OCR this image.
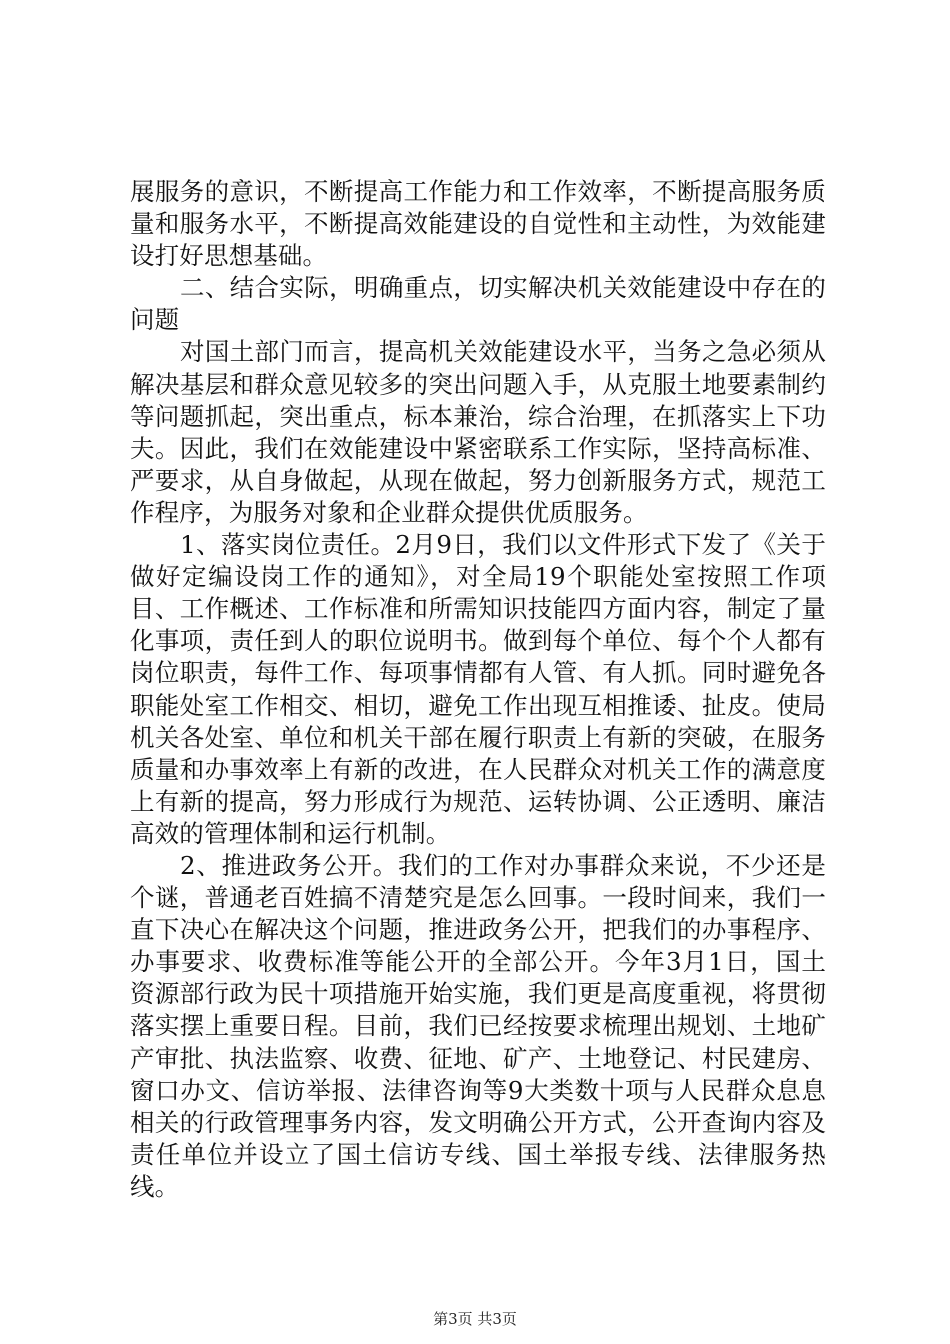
展服务的意识，不断提高工作能力和工作效率，不断提高服务质量和服务水平，不断提高效能建设的自觉性和主动性，为效能建设打好思想基础。

二、结合实际，明确重点，切实解决机关效能建设中存在的问题

对国土部门而言，提高机关效能建设水平，当务之急必须从解决基层和群众意见较多的突出问题入手，从克服土地要素制约等问题抓起，突出重点，标本兼治，综合治理，在抓落实上下功夫。因此，我们在效能建设中紧密联系工作实际，坚持高标准、严要求，从自身做起，从现在做起，努力创新服务方式，规范工作程序，为服务对象和企业群众提供优质服务。

1、落实岗位责任。2月9日，我们以文件形式下发了《关于做好定编设岗工作的通知》，对全局19个职能处室按照工作项目、工作概述、工作标准和所需知识技能四方面内容，制定了量化事项，责任到人的职位说明书。做到每个单位、每个个人都有岗位职责，每件工作、每项事情都有人管、有人抓。同时避免各职能处室工作相交、相切，避免工作出现互相推诿、扯皮。使局机关各处室、单位和机关干部在履行职责上有新的突破，在服务质量和办事效率上有新的改进，在人民群众对机关工作的满意度上有新的提高，努力形成行为规范、运转协调、公正透明、廉洁高效的管理体制和运行机制。

2、推进政务公开。我们的工作对办事群众来说，不少还是个谜，普通老百姓搞不清楚究是怎么回事。一段时间来，我们一直下决心在解决这个问题，推进政务公开，把我们的办事程序、办事要求、收费标准等能公开的全部公开。今年3月1日，国土资源部行政为民十项措施开始实施，我们更是高度重视，将贯彻落实摆上重要日程。目前，我们已经按要求梳理出规划、土地矿产审批、执法监察、收费、征地、矿产、土地登记、村民建房、窗口办文、信访举报、法律咨询等9大类数十项与人民群众息息相关的行政管理事务内容，发文明确公开方式，公开查询内容及责任单位并设立了国土信访专线、国土举报专线、法律服务热线。

第3页 共3页
